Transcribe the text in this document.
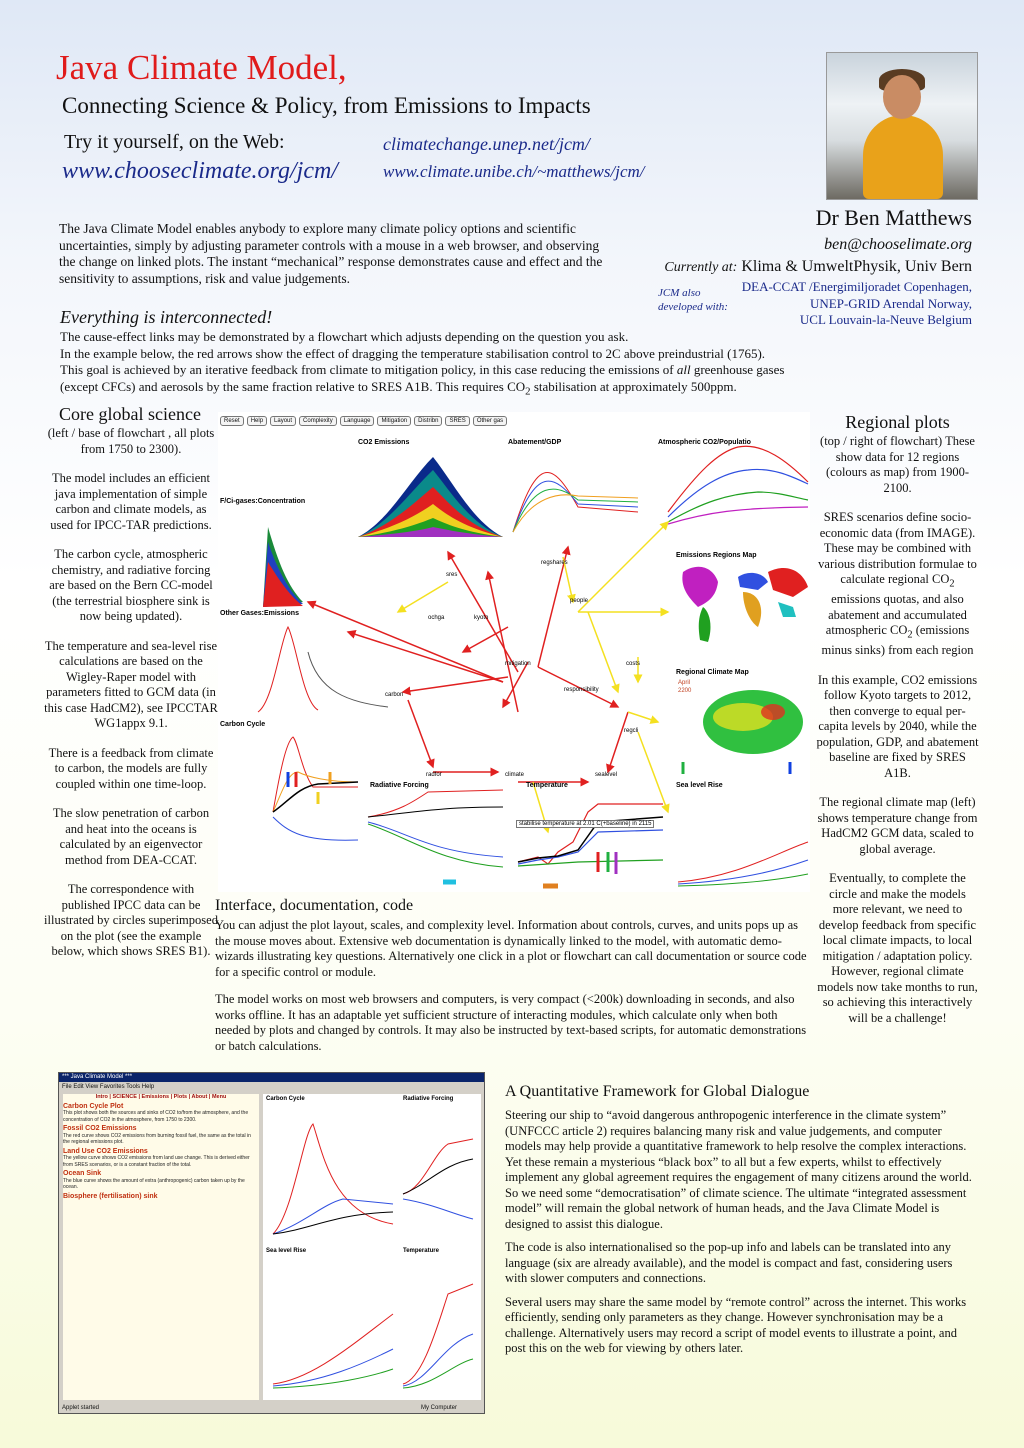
Java Climate Model,
Connecting Science & Policy, from Emissions to Impacts
Try it yourself, on the Web:
www.chooseclimate.org/jcm/
climatechange.unep.net/jcm/
www.climate.unibe.ch/~matthews/jcm/
Dr Ben Matthews
ben@chooselimate.org
Currently at: Klima & UmweltPhysik, Univ Bern
JCM also developed with:
DEA-CCAT /Energimiljoradet Copenhagen,
UNEP-GRID Arendal Norway,
UCL Louvain-la-Neuve Belgium
The Java Climate Model enables anybody to explore many climate policy options and scientific uncertainties, simply by adjusting parameter controls with a mouse in a web browser, and observing the change on linked plots. The instant “mechanical” response demonstrates cause and effect and the sensitivity to assumptions, risk and value judgements.
Everything is interconnected!
The cause-effect links may be demonstrated by a flowchart which adjusts depending on the question you ask.
In the example below, the red arrows show the effect of dragging the temperature stabilisation control to 2C above preindustrial (1765).
This goal is achieved by an iterative feedback from climate to mitigation policy, in this case reducing the emissions of all greenhouse gases
(except CFCs) and aerosols by the same fraction relative to SRES A1B. This requires $CO_2$ stabilisation at approximately 500ppm.
Core global science

(left / base of flowchart , all plots from 1750 to 2300).

The model includes an efficient java implementation of simple carbon and climate models, as used for IPCC-TAR predictions.

The carbon cycle, atmospheric chemistry, and radiative forcing are based on the Bern CC-model (the terrestrial biosphere sink is now being updated).

The temperature and sea-level rise calculations are based on the Wigley-Raper model with parameters fitted to GCM data (in this case HadCM2), see IPCCTAR WG1appx 9.1.

There is a feedback from climate to carbon, the models are fully coupled within one time-loop.

The slow penetration of carbon and heat into the oceans is calculated by an eigenvector method from DEA-CCAT.

The correspondence with published IPCC data can be illustrated by circles superimposed on the plot (see the example below, which shows SRES B1).

Regional plots

(top / right of flowchart) These show data for 12 regions (colours as map) from 1900-2100.

SRES scenarios define socio-economic data (from IMAGE). These may be combined with various distribution formulae to calculate regional $CO_2$ emissions quotas, and also abatement and accumulated atmospheric $CO_2$ (emissions minus sinks) from each region

In this example, CO2 emissions follow Kyoto targets to 2012, then converge to equal per-capita levels by 2040, while the population, GDP, and abatement baseline are fixed by SRES A1B.

The regional climate map (left) shows temperature change from HadCM2 GCM data, scaled to global average.

Eventually, to complete the circle and make the models more relevant, we need to develop feedback from specific local climate impacts, to local mitigation / adaptation policy. However, regional climate models now take months to run, so achieving this interactively will be a challenge!

Reset	Help	Layout	Complexity	Language	Mitigation	Distribn	SRES	Other gas
CO2 Emissions	Abatement/GDP	Atmospheric CO2/Populatio
F/Ci-gases:Concentration
Other Gases:Emissions
Emissions Regions Map
Regional Climate Map
April
2200
Carbon Cycle
Radiative Forcing	Temperature	Sea level Rise
stabilise temperature at 2.01 C(+baseline) in 2115
sres
ochga	kyoto
regshares
people
mitigation	costs
carbon
responsibility
regcli
radfor	climate	sealevel
Interface, documentation, code

You can adjust the plot layout, scales, and complexity level. Information about controls, curves, and units pops up as the mouse moves about. Extensive web documentation is dynamically linked to the model, with automatic demo-wizards illustrating key questions. Alternatively one click in a plot or flowchart can call documentation or source code for a specific control or module.

The model works on most web browsers and computers, is very compact (<200k) downloading in seconds, and also works offline. It has an adaptable yet sufficient structure of interacting modules, which calculate only when both needed by plots and changed by controls. It may also be instructed by text-based scripts, for automatic demonstrations or batch calculations.

*** Java Climate Model ***
File Edit View Favorites Tools Help
Intro | SCIENCE | Emissions | Plots | About | Menu
Carbon Cycle Plot
This plot shows both the sources and sinks of CO2 to/from the atmosphere, and the concentration of CO2 in the atmosphere, from 1750 to 2300.
Fossil CO2 Emissions
The red curve shows CO2 emissions from burning fossil fuel, the same as the total in the regional emissions plot.
Land Use CO2 Emissions
The yellow curve shows CO2 emissions from land use change. This is derived either from SRES scenarios, or is a constant fraction of the total.
Ocean Sink
The blue curve shows the amount of extra (anthropogenic) carbon taken up by the ocean.
Biosphere (fertilisation) sink
Carbon Cycle	Radiative Forcing
Sea level Rise	Temperature
Applet started	My Computer
A Quantitative Framework for Global Dialogue

Steering our ship to “avoid dangerous anthropogenic interference in the climate system” (UNFCCC article 2) requires balancing many risk and value judgements, and computer models may help provide a quantitative framework to help resolve the complex interactions. Yet these remain a mysterious “black box” to all but a few experts, whilst to effectively implement any global agreement requires the engagement of many citizens around the world. So we need some “democratisation” of climate science. The ultimate “integrated assessment model” will remain the global network of human heads, and the Java Climate Model is designed to assist this dialogue.

The code is also internationalised so the pop-up info and labels can be translated into any language (six are already available), and the model is compact and fast, considering users with slower computers and connections.

Several users may share the same model by “remote control” across the internet. This works efficiently, sending only parameters as they change. However synchronisation may be a challenge. Alternatively users may record a script of model events to illustrate a point, and post this on the web for viewing by others later.
